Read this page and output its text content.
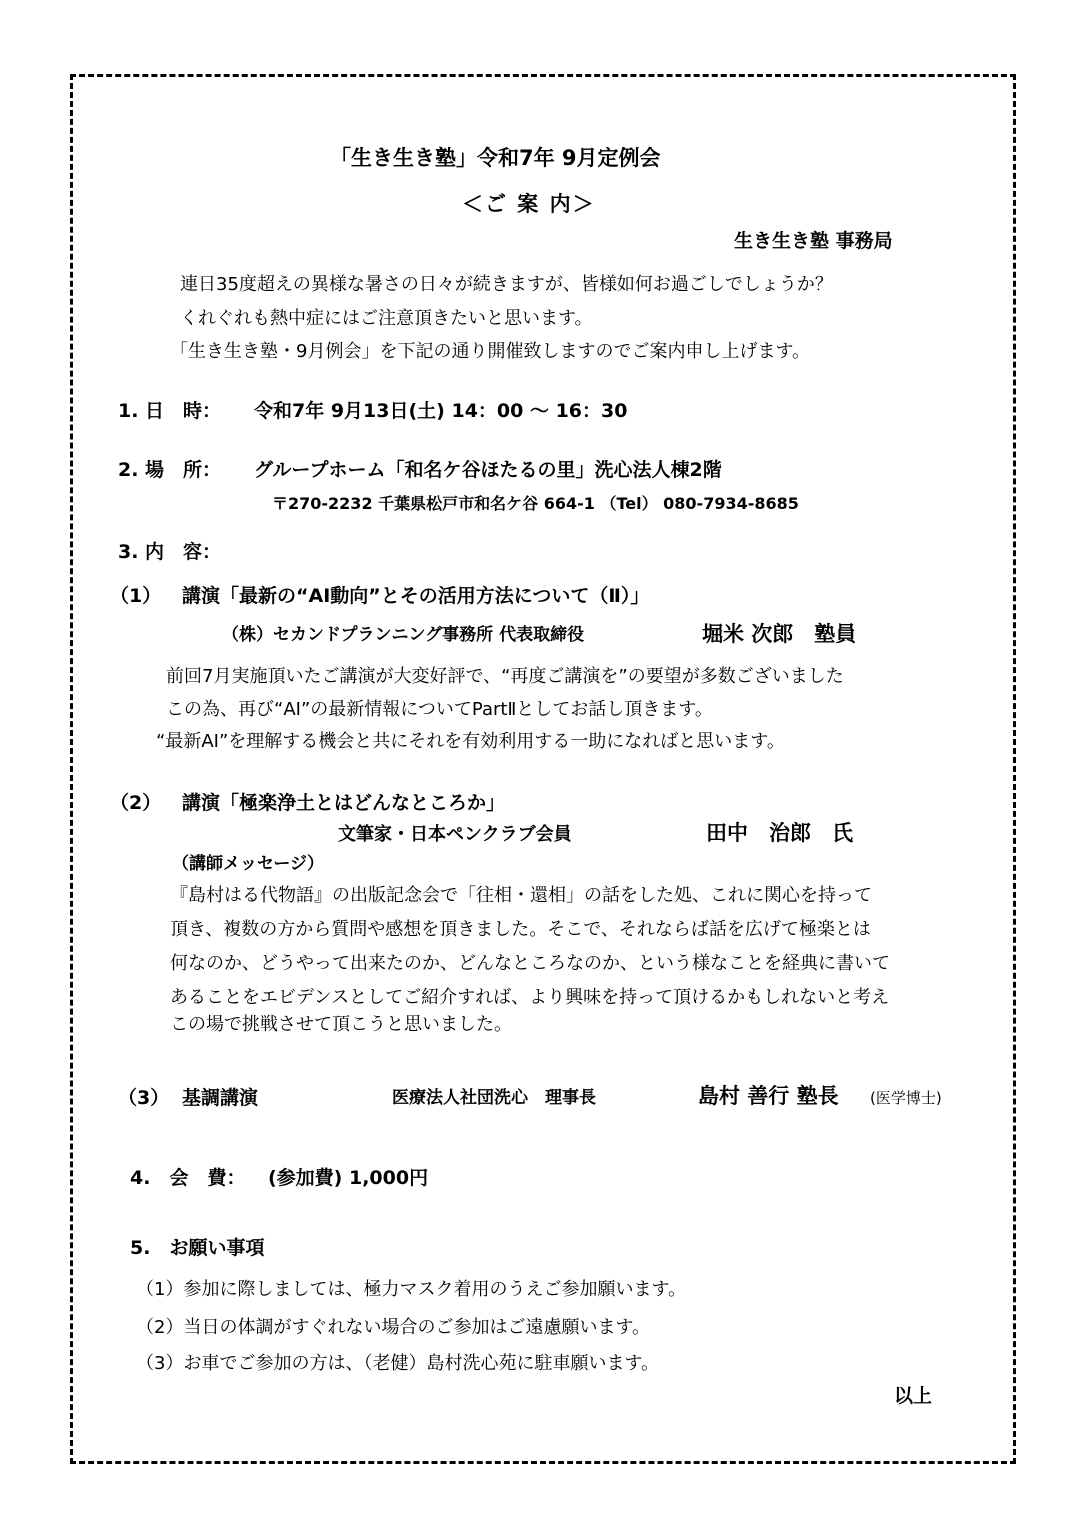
「生き生き塾」令和7年 9月定例会
＜ご 案 内＞
生き生き塾 事務局
連日35度超えの異様な暑さの日々が続きますが、皆様如何お過ごしでしょうか？
くれぐれも熱中症にはご注意頂きたいと思います。
「生き生き塾・9月例会」を下記の通り開催致しますのでご案内申し上げます。
1. 日　時： 令和7年 9月13日(土) 14：00 ～ 16：30
2. 場　所： グループホーム「和名ケ谷ほたるの里」洗心法人棟2階
〒270-2232 千葉県松戸市和名ケ谷 664-1 （Tel） 080-7934-8685
3. 内　容：
（1） 講演「最新の“AI動向”とその活用方法について（Ⅱ）」
（株）セカンドプランニング事務所 代表取締役	堀米 次郎　塾員
前回7月実施頂いたご講演が大変好評で、“再度ご講演を”の要望が多数ございました
この為、再び“AI”の最新情報についてPartⅡとしてお話し頂きます。
“最新AI”を理解する機会と共にそれを有効利用する一助になればと思います。
（2） 講演「極楽浄土とはどんなところか」
文筆家・日本ペンクラブ会員	田中　治郎　氏
（講師メッセージ）
『島村はる代物語』の出版記念会で「往相・還相」の話をした処、これに関心を持って
頂き、複数の方から質問や感想を頂きました。そこで、それならば話を広げて極楽とは
何なのか、どうやって出来たのか、どんなところなのか、という様なことを経典に書いて
あることをエビデンスとしてご紹介すれば、より興味を持って頂けるかもしれないと考え
この場で挑戦させて頂こうと思いました。
（3） 基調講演	医療法人社団洗心　理事長	島村 善行 塾長 (医学博士)
4.　会　費： (参加費) 1,000円
5.　お願い事項
（1）参加に際しましては、極力マスク着用のうえご参加願います。
（2）当日の体調がすぐれない場合のご参加はご遠慮願います。
（3）お車でご参加の方は、（老健）島村洗心苑に駐車願います。
以上
